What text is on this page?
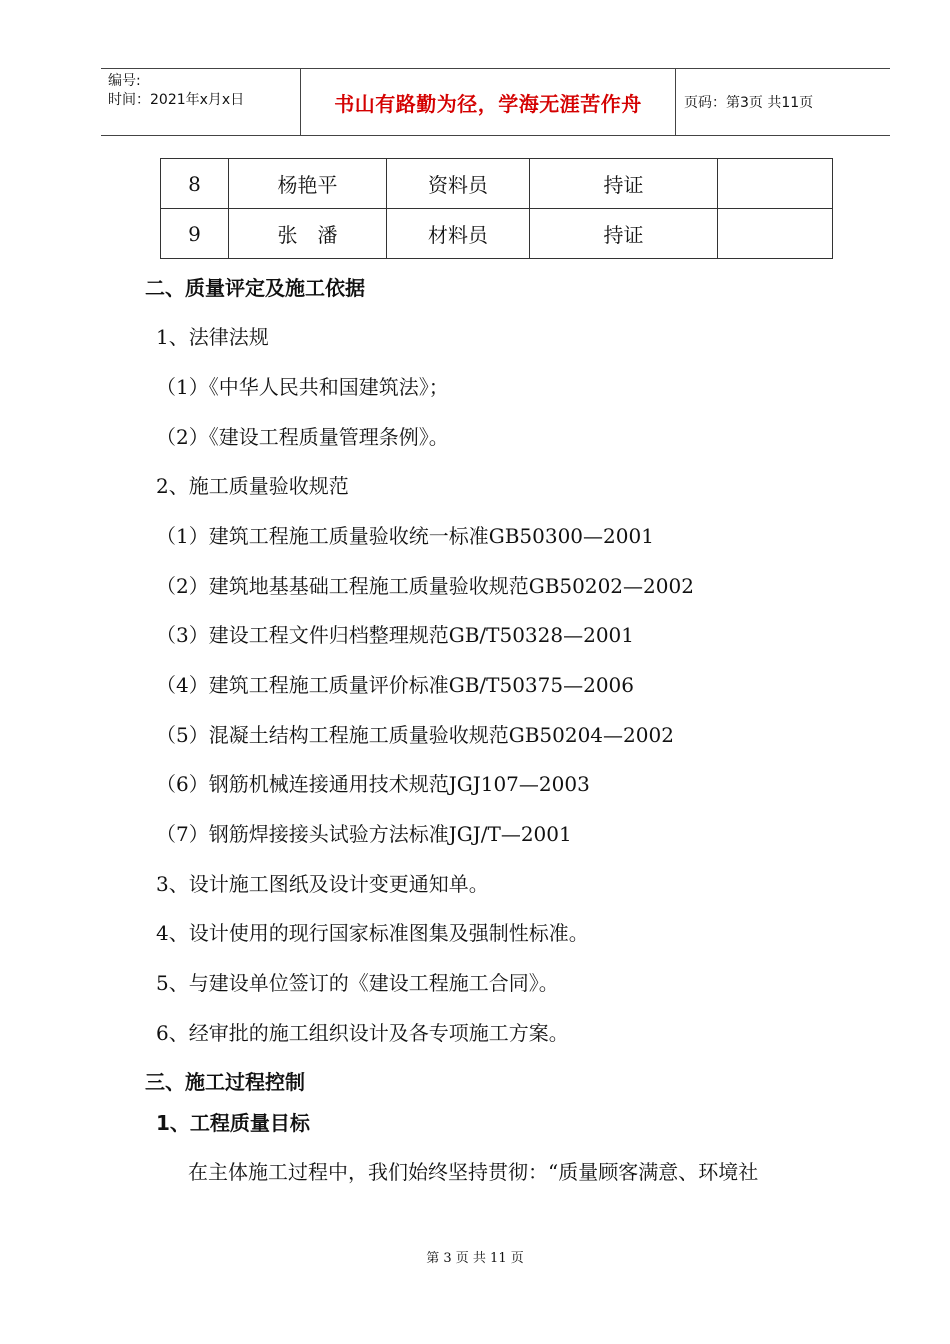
编号:
时间：2021年x月x日	书山有路勤为径，学海无涯苦作舟	页码：第3页 共11页
8	杨艳平	资料员	持证	
9	张　潘	材料员	持证	
二、质量评定及施工依据
1、法律法规
（1）《中华人民共和国建筑法》；
（2）《建设工程质量管理条例》。
2、施工质量验收规范
（1）建筑工程施工质量验收统一标准GB50300—2001
（2）建筑地基基础工程施工质量验收规范GB50202—2002
（3）建设工程文件归档整理规范GB/T50328—2001
（4）建筑工程施工质量评价标准GB/T50375—2006
（5）混凝土结构工程施工质量验收规范GB50204—2002
（6）钢筋机械连接通用技术规范JGJ107—2003
（7）钢筋焊接接头试验方法标准JGJ/T—2001
3、设计施工图纸及设计变更通知单。
4、设计使用的现行国家标准图集及强制性标准。
5、与建设单位签订的《建设工程施工合同》。
6、经审批的施工组织设计及各专项施工方案。
三、施工过程控制
1、工程质量目标
在主体施工过程中，我们始终坚持贯彻：“质量顾客满意、环境社
第 3 页 共 11 页
